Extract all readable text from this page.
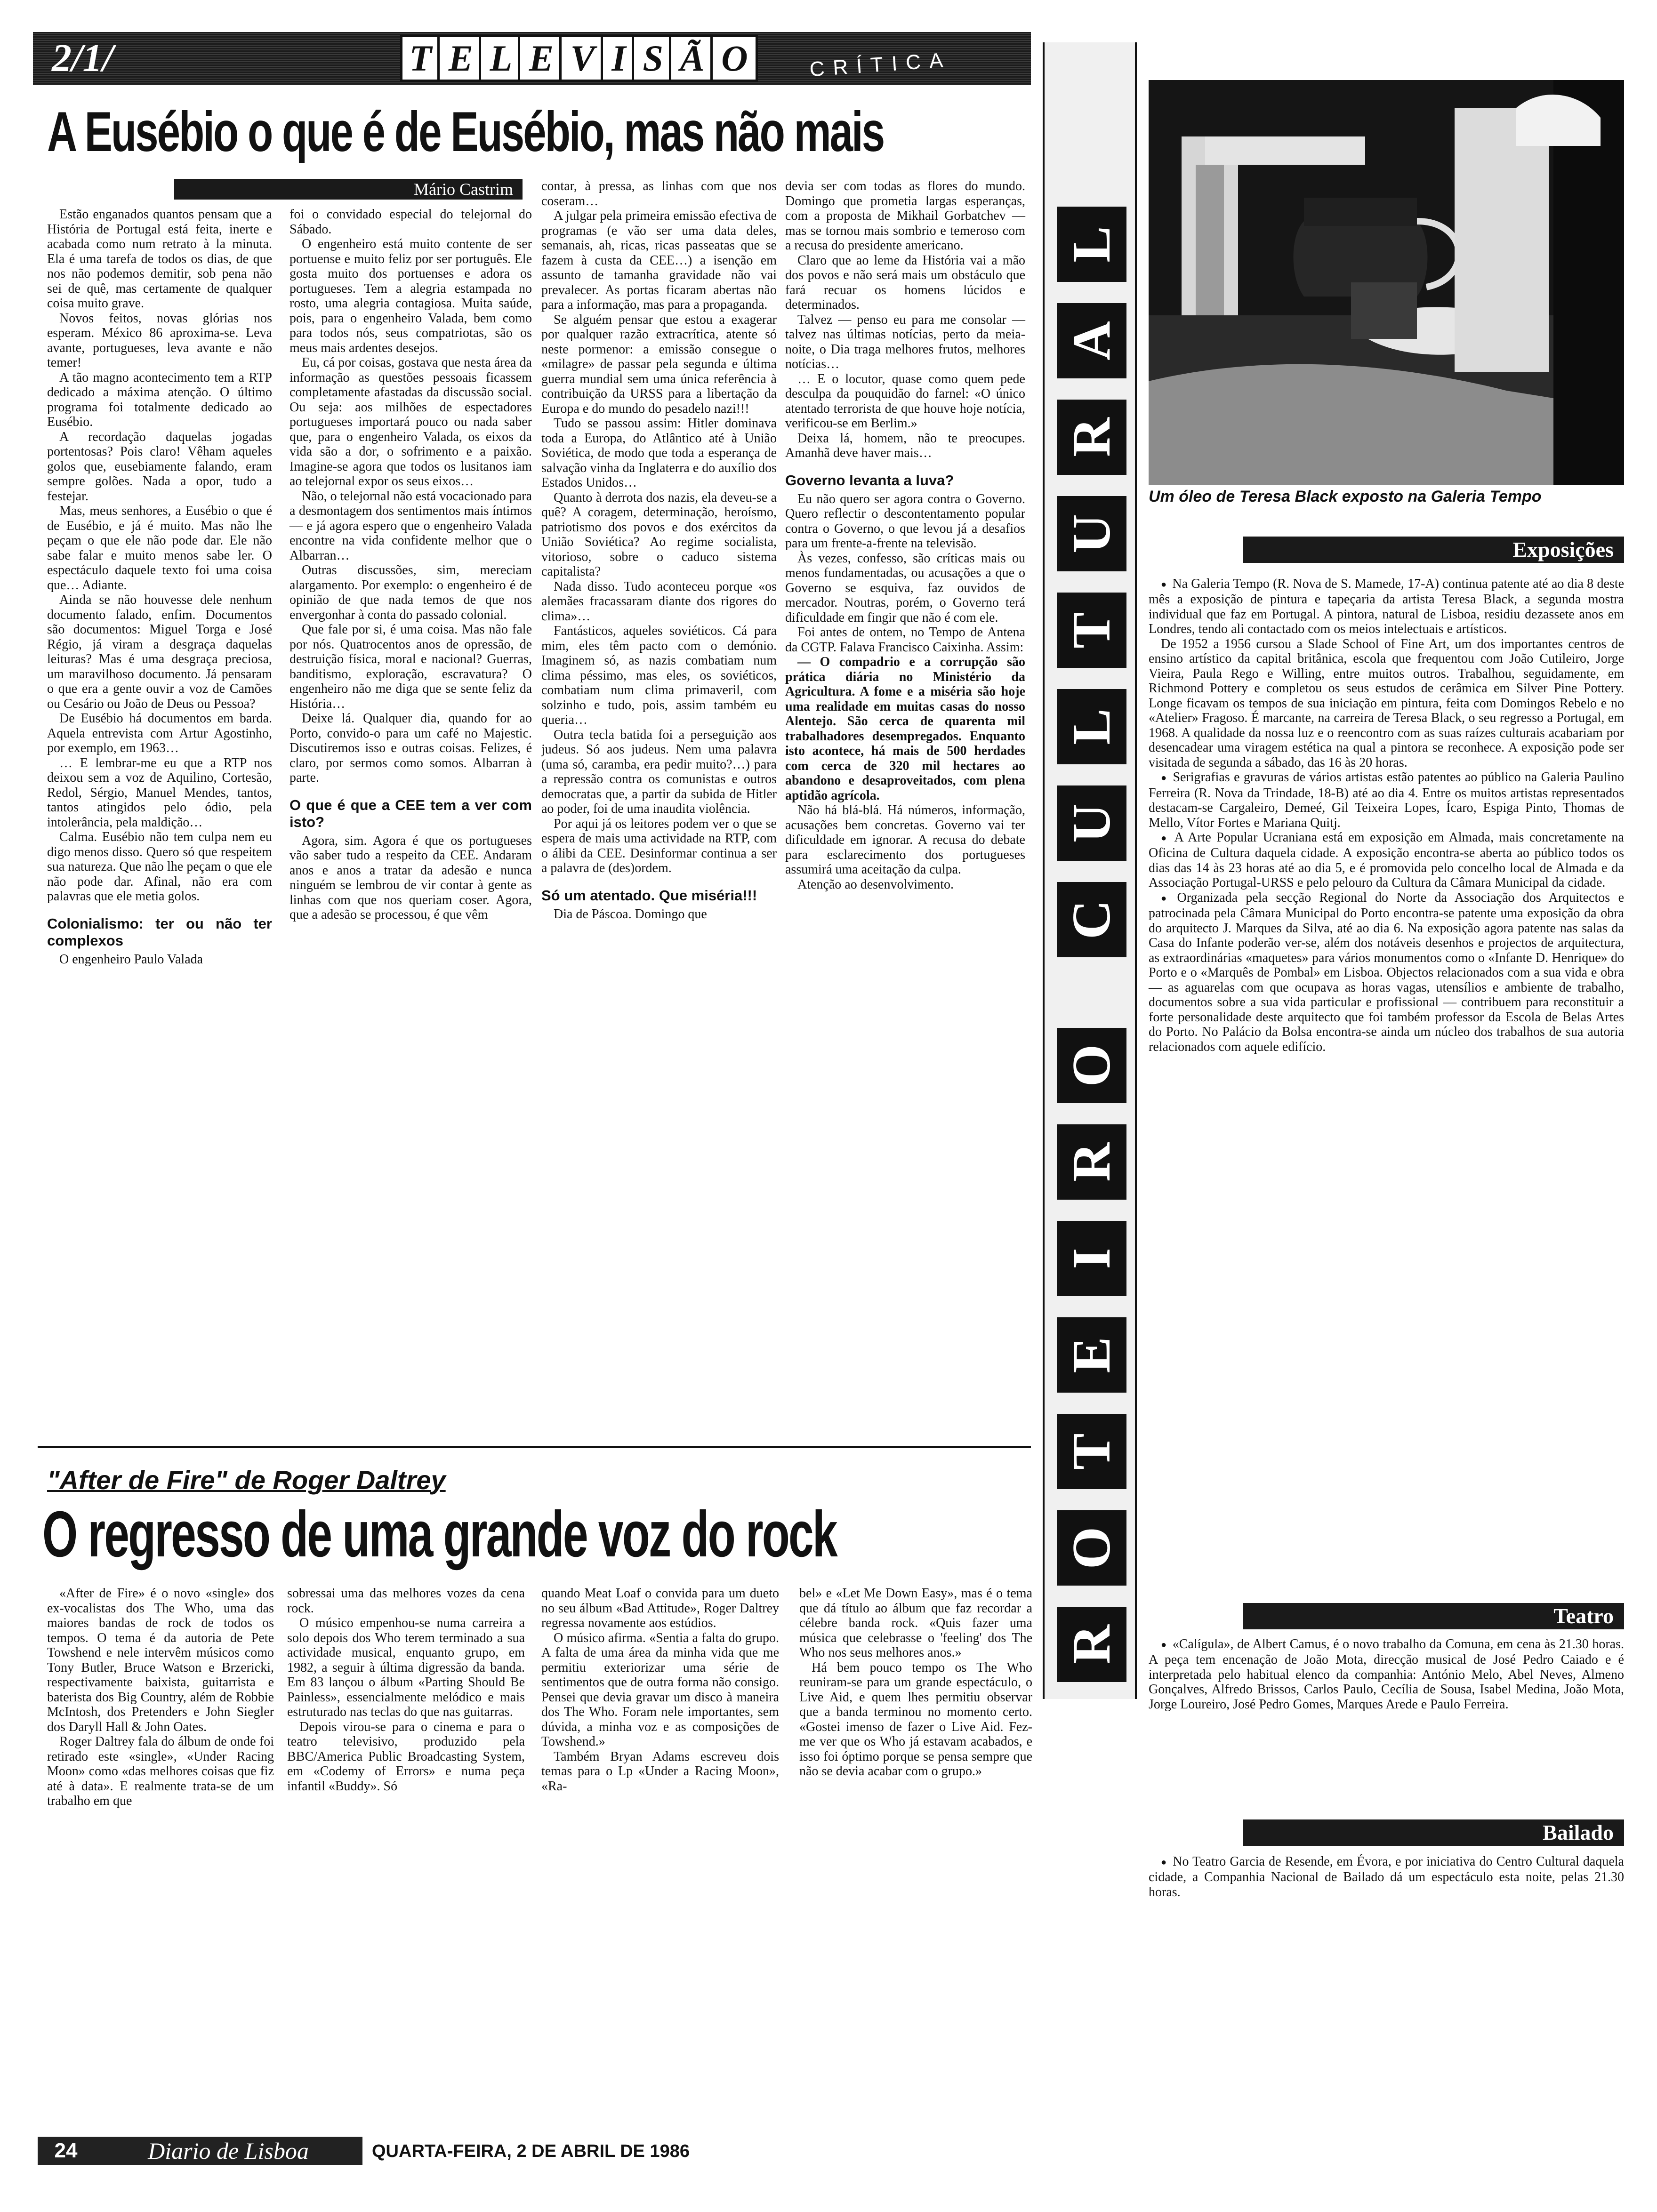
2/1/	T E L E V I S Ã O	CRÍTICA
A Eusébio o que é de Eusébio, mas não mais
Mário Castrim

Estão enganados quantos pensam que a História de Portugal está feita, inerte e acabada como num retrato à la minuta. Ela é uma tarefa de todos os dias, de que nos não podemos demitir, sob pena não sei de quê, mas certamente de qualquer coisa muito grave.

Novos feitos, novas glórias nos esperam. México 86 aproxima-se. Leva avante, portugueses, leva avante e não temer!

A tão magno acontecimento tem a RTP dedicado a máxima atenção. O último programa foi totalmente dedicado ao Eusébio.

A recordação daquelas jogadas portentosas? Pois claro! Vêham aqueles golos que, eusebiamente falando, eram sempre golões. Nada a opor, tudo a festejar.

Mas, meus senhores, a Eusébio o que é de Eusébio, e já é muito. Mas não lhe peçam o que ele não pode dar. Ele não sabe falar e muito menos sabe ler. O espectáculo daquele texto foi uma coisa que… Adiante.

Ainda se não houvesse dele nenhum documento falado, enfim. Documentos são documentos: Miguel Torga e José Régio, já viram a desgraça daquelas leituras? Mas é uma desgraça preciosa, um maravilhoso documento. Já pensaram o que era a gente ouvir a voz de Camões ou Cesário ou João de Deus ou Pessoa?

De Eusébio há documentos em barda. Aquela entrevista com Artur Agostinho, por exemplo, em 1963…

… E lembrar-me eu que a RTP nos deixou sem a voz de Aquilino, Cortesão, Redol, Sérgio, Manuel Mendes, tantos, tantos atingidos pelo ódio, pela intolerância, pela maldição…

Calma. Eusébio não tem culpa nem eu digo menos disso. Quero só que respeitem sua natureza. Que não lhe peçam o que ele não pode dar. Afinal, não era com palavras que ele metia golos.

Colonialismo: ter ou não ter complexos

O engenheiro Paulo Valada

foi o convidado especial do telejornal do Sábado.

O engenheiro está muito contente de ser portuense e muito feliz por ser português. Ele gosta muito dos portuenses e adora os portugueses. Tem a alegria estampada no rosto, uma alegria contagiosa. Muita saúde, pois, para o engenheiro Valada, bem como para todos nós, seus compatriotas, são os meus mais ardentes desejos.

Eu, cá por coisas, gostava que nesta área da informação as questões pessoais ficassem completamente afastadas da discussão social. Ou seja: aos milhões de espectadores portugueses importará pouco ou nada saber que, para o engenheiro Valada, os eixos da vida são a dor, o sofrimento e a paixão. Imagine-se agora que todos os lusitanos iam ao telejornal expor os seus eixos…

Não, o telejornal não está vocacionado para a desmontagem dos sentimentos mais íntimos — e já agora espero que o engenheiro Valada encontre na vida confidente melhor que o Albarran…

Outras discussões, sim, mereciam alargamento. Por exemplo: o engenheiro é de opinião de que nada temos de que nos envergonhar à conta do passado colonial.

Que fale por si, é uma coisa. Mas não fale por nós. Quatrocentos anos de opressão, de destruição física, moral e nacional? Guerras, banditismo, exploração, escravatura? O engenheiro não me diga que se sente feliz da História…

Deixe lá. Qualquer dia, quando for ao Porto, convido-o para um café no Majestic. Discutiremos isso e outras coisas. Felizes, é claro, por sermos como somos. Albarran à parte.

O que é que a CEE tem a ver com isto?

Agora, sim. Agora é que os portugueses vão saber tudo a respeito da CEE. Andaram anos e anos a tratar da adesão e nunca ninguém se lembrou de vir contar à gente as linhas com que nos queriam coser. Agora, que a adesão se processou, é que vêm

contar, à pressa, as linhas com que nos coseram…

A julgar pela primeira emissão efectiva de programas (e vão ser uma data deles, semanais, ah, ricas, ricas passeatas que se fazem à custa da CEE…) a isenção em assunto de tamanha gravidade não vai prevalecer. As portas ficaram abertas não para a informação, mas para a propaganda.

Se alguém pensar que estou a exagerar por qualquer razão extracrítica, atente só neste pormenor: a emissão consegue o «milagre» de passar pela segunda e última guerra mundial sem uma única referência à contribuição da URSS para a libertação da Europa e do mundo do pesadelo nazi!!!

Tudo se passou assim: Hitler dominava toda a Europa, do Atlântico até à União Soviética, de modo que toda a esperança de salvação vinha da Inglaterra e do auxílio dos Estados Unidos…

Quanto à derrota dos nazis, ela deveu-se a quê? A coragem, determinação, heroísmo, patriotismo dos povos e dos exércitos da União Soviética? Ao regime socialista, vitorioso, sobre o caduco sistema capitalista?

Nada disso. Tudo aconteceu porque «os alemães fracassaram diante dos rigores do clima»…

Fantásticos, aqueles soviéticos. Cá para mim, eles têm pacto com o demónio. Imaginem só, as nazis combatiam num clima péssimo, mas eles, os soviéticos, combatiam num clima primaveril, com solzinho e tudo, pois, assim também eu queria…

Outra tecla batida foi a perseguição aos judeus. Só aos judeus. Nem uma palavra (uma só, caramba, era pedir muito?…) para a repressão contra os comunistas e outros democratas que, a partir da subida de Hitler ao poder, foi de uma inaudita violência.

Por aqui já os leitores podem ver o que se espera de mais uma actividade na RTP, com o álibi da CEE. Desinformar continua a ser a palavra de (des)ordem.

Só um atentado. Que miséria!!!

Dia de Páscoa. Domingo que

devia ser com todas as flores do mundo. Domingo que prometia largas esperanças, com a proposta de Mikhail Gorbatchev — mas se tornou mais sombrio e temeroso com a recusa do presidente americano.

Claro que ao leme da História vai a mão dos povos e não será mais um obstáculo que fará recuar os homens lúcidos e determinados.

Talvez — penso eu para me consolar — talvez nas últimas notícias, perto da meia-noite, o Dia traga melhores frutos, melhores notícias…

… E o locutor, quase como quem pede desculpa da pouquidão do farnel: «O único atentado terrorista de que houve hoje notícia, verificou-se em Berlim.»

Deixa lá, homem, não te preocupes. Amanhã deve haver mais…

Governo levanta a luva?

Eu não quero ser agora contra o Governo. Quero reflectir o descontentamento popular contra o Governo, o que levou já a desafios para um frente-a-frente na televisão.

Às vezes, confesso, são críticas mais ou menos fundamentadas, ou acusações a que o Governo se esquiva, faz ouvidos de mercador. Noutras, porém, o Governo terá dificuldade em fingir que não é com ele.

Foi antes de ontem, no Tempo de Antena da CGTP. Falava Francisco Caixinha. Assim:

— O compadrio e a corrupção são prática diária no Ministério da Agricultura. A fome e a miséria são hoje uma realidade em muitas casas do nosso Alentejo. São cerca de quarenta mil trabalhadores desempregados. Enquanto isto acontece, há mais de 500 herdades com cerca de 320 mil hectares ao abandono e desaproveitados, com plena aptidão agrícola.

Não há blá-blá. Há números, informação, acusações bem concretas. Governo vai ter dificuldade em ignorar. A recusa do debate para esclarecimento dos portugueses assumirá uma aceitação da culpa.

Atenção ao desenvolvimento.

"After de Fire" de Roger Daltrey
O regresso de uma grande voz do rock

«After de Fire» é o novo «single» dos ex-vocalistas dos The Who, uma das maiores bandas de rock de todos os tempos. O tema é da autoria de Pete Towshend e nele intervêm músicos como Tony Butler, Bruce Watson e Brzericki, respectivamente baixista, guitarrista e baterista dos Big Country, além de Robbie McIntosh, dos Pretenders e John Siegler dos Daryll Hall & John Oates.

Roger Daltrey fala do álbum de onde foi retirado este «single», «Under Racing Moon» como «das melhores coisas que fiz até à data». E realmente trata-se de um trabalho em que

sobressai uma das melhores vozes da cena rock.

O músico empenhou-se numa carreira a solo depois dos Who terem terminado a sua actividade musical, enquanto grupo, em 1982, a seguir à última digressão da banda. Em 83 lançou o álbum «Parting Should Be Painless», essencialmente melódico e mais estruturado nas teclas do que nas guitarras.

Depois virou-se para o cinema e para o teatro televisivo, produzido pela BBC/America Public Broadcasting System, em «Codemy of Errors» e numa peça infantil «Buddy». Só

quando Meat Loaf o convida para um dueto no seu álbum «Bad Attitude», Roger Daltrey regressa novamente aos estúdios.

O músico afirma. «Sentia a falta do grupo. A falta de uma área da minha vida que me permitiu exteriorizar uma série de sentimentos que de outra forma não consigo. Pensei que devia gravar um disco à maneira dos The Who. Foram nele importantes, sem dúvida, a minha voz e as composições de Towshend.»

Também Bryan Adams escreveu dois temas para o Lp «Under a Racing Moon», «Ra-

bel» e «Let Me Down Easy», mas é o tema que dá título ao álbum que faz recordar a célebre banda rock. «Quis fazer uma música que celebrasse o 'feeling' dos The Who nos seus melhores anos.»

Há bem pouco tempo os The Who reuniram-se para um grande espectáculo, o Live Aid, e quem lhes permitiu observar que a banda terminou no momento certo. «Gostei imenso de fazer o Live Aid. Fez-me ver que os Who já estavam acabados, e isso foi óptimo porque se pensa sempre que não se devia acabar com o grupo.»

24	Diario de Lisboa	QUARTA-FEIRA, 2 DE ABRIL DE 1986
R
O
T
E
I
R
O
C
U
L
T
U
R
A
L
Um óleo de Teresa Black exposto na Galeria Tempo
Exposições

● Na Galeria Tempo (R. Nova de S. Mamede, 17-A) continua patente até ao dia 8 deste mês a exposição de pintura e tapeçaria da artista Teresa Black, a segunda mostra individual que faz em Portugal. A pintora, natural de Lisboa, residiu dezassete anos em Londres, tendo ali contactado com os meios intelectuais e artísticos.

De 1952 a 1956 cursou a Slade School of Fine Art, um dos importantes centros de ensino artístico da capital britânica, escola que frequentou com João Cutileiro, Jorge Vieira, Paula Rego e Willing, entre muitos outros. Trabalhou, seguidamente, em Richmond Pottery e completou os seus estudos de cerâmica em Silver Pine Pottery. Longe ficavam os tempos de sua iniciação em pintura, feita com Domingos Rebelo e no «Atelier» Fragoso. É marcante, na carreira de Teresa Black, o seu regresso a Portugal, em 1968. A qualidade da nossa luz e o reencontro com as suas raízes culturais acabariam por desencadear uma viragem estética na qual a pintora se reconhece. A exposição pode ser visitada de segunda a sábado, das 16 às 20 horas.

● Serigrafias e gravuras de vários artistas estão patentes ao público na Galeria Paulino Ferreira (R. Nova da Trindade, 18-B) até ao dia 4. Entre os muitos artistas representados destacam-se Cargaleiro, Demeé, Gil Teixeira Lopes, Ícaro, Espiga Pinto, Thomas de Mello, Vítor Fortes e Mariana Quitj.

● A Arte Popular Ucraniana está em exposição em Almada, mais concretamente na Oficina de Cultura daquela cidade. A exposição encontra-se aberta ao público todos os dias das 14 às 23 horas até ao dia 5, e é promovida pelo concelho local de Almada e da Associação Portugal-URSS e pelo pelouro da Cultura da Câmara Municipal da cidade.

● Organizada pela secção Regional do Norte da Associação dos Arquitectos e patrocinada pela Câmara Municipal do Porto encontra-se patente uma exposição da obra do arquitecto J. Marques da Silva, até ao dia 6. Na exposição agora patente nas salas da Casa do Infante poderão ver-se, além dos notáveis desenhos e projectos de arquitectura, as extraordinárias «maquetes» para vários monumentos como o «Infante D. Henrique» do Porto e o «Marquês de Pombal» em Lisboa. Objectos relacionados com a sua vida e obra — as aguarelas com que ocupava as horas vagas, utensílios e ambiente de trabalho, documentos sobre a sua vida particular e profissional — contribuem para reconstituir a forte personalidade deste arquitecto que foi também professor da Escola de Belas Artes do Porto. No Palácio da Bolsa encontra-se ainda um núcleo dos trabalhos de sua autoria relacionados com aquele edifício.

Teatro

● «Calígula», de Albert Camus, é o novo trabalho da Comuna, em cena às 21.30 horas. A peça tem encenação de João Mota, direcção musical de José Pedro Caiado e é interpretada pelo habitual elenco da companhia: António Melo, Abel Neves, Almeno Gonçalves, Alfredo Brissos, Carlos Paulo, Cecília de Sousa, Isabel Medina, João Mota, Jorge Loureiro, José Pedro Gomes, Marques Arede e Paulo Ferreira.

Bailado

● No Teatro Garcia de Resende, em Évora, e por iniciativa do Centro Cultural daquela cidade, a Companhia Nacional de Bailado dá um espectáculo esta noite, pelas 21.30 horas.
